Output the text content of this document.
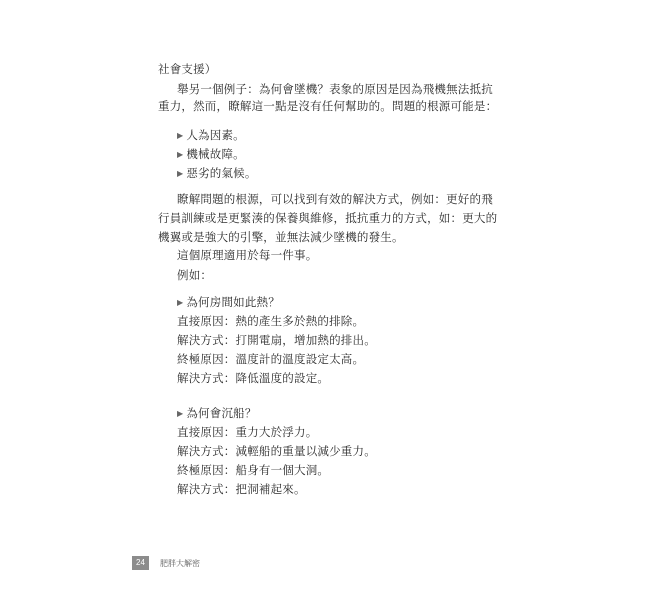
社會支援）
舉另一個例子：為何會墜機？表象的原因是因為飛機無法抵抗
重力，然而，瞭解這一點是沒有任何幫助的。問題的根源可能是：
▶ 人為因素。
▶ 機械故障。
▶ 惡劣的氣候。
瞭解問題的根源，可以找到有效的解決方式，例如：更好的飛
行員訓練或是更緊湊的保養與維修，抵抗重力的方式，如：更大的
機翼或是強大的引擎，並無法減少墜機的發生。
這個原理適用於每一件事。
例如：
▶ 為何房間如此熱？
直接原因：熱的產生多於熱的排除。
解決方式：打開電扇，增加熱的排出。
終極原因：溫度計的溫度設定太高。
解決方式：降低溫度的設定。
▶ 為何會沉船？
直接原因：重力大於浮力。
解決方式：減輕船的重量以減少重力。
終極原因：船身有一個大洞。
解決方式：把洞補起來。
24	肥胖大解密
